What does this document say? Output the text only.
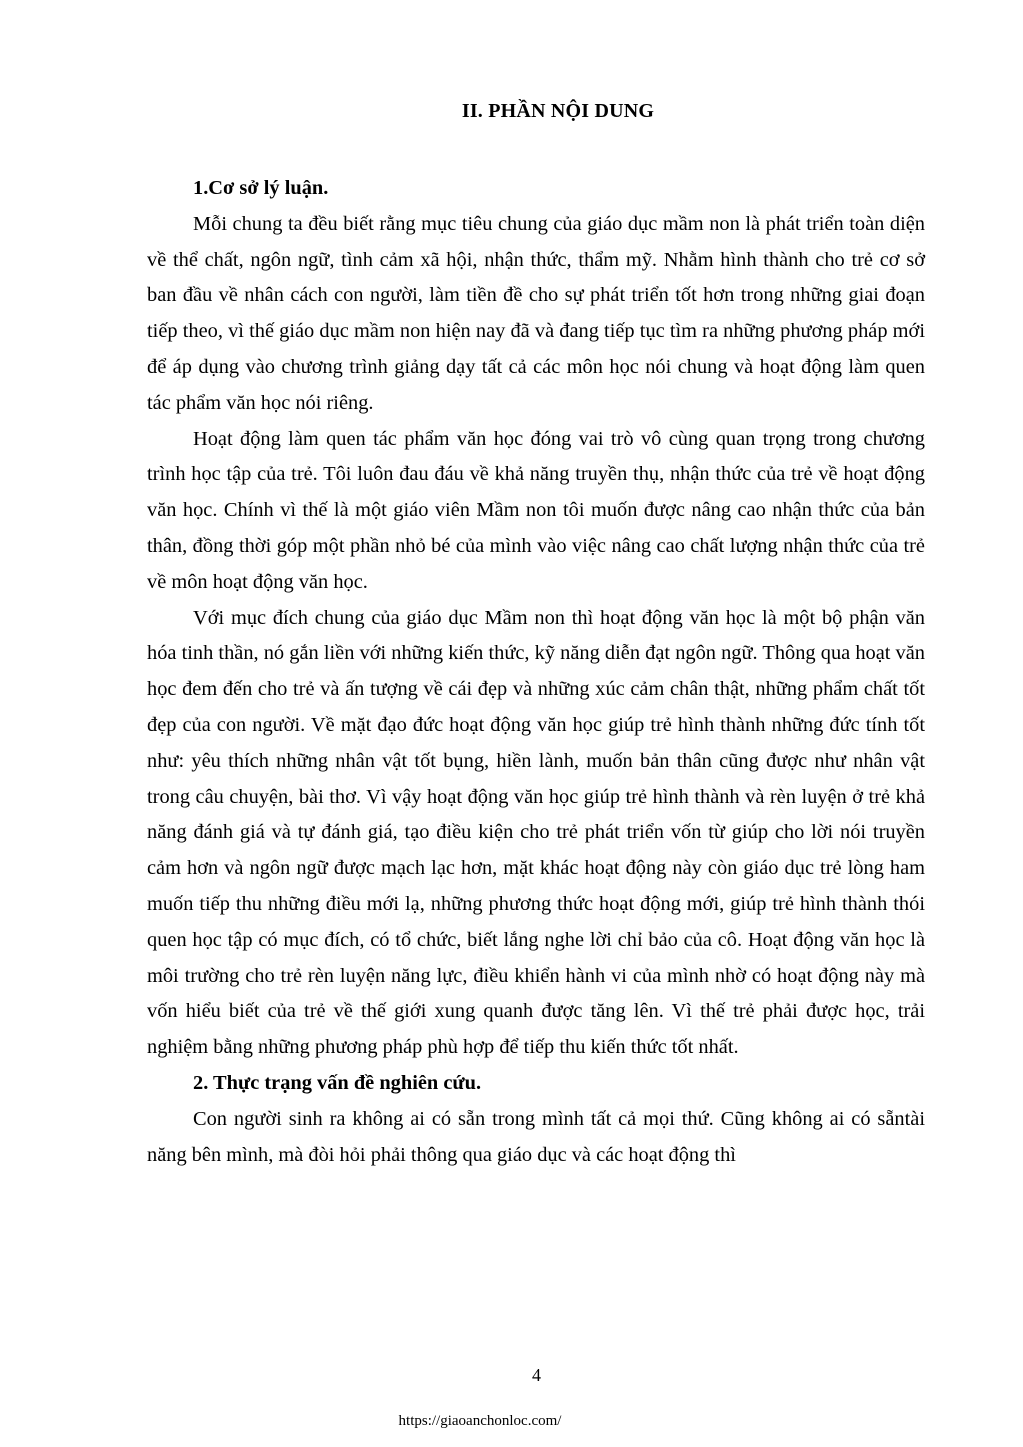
II. PHẦN NỘI DUNG

1.Cơ sở lý luận.

Mỗi chung ta đều biết rằng mục tiêu chung của giáo dục mầm non là phát triển toàn diện về thể chất, ngôn ngữ, tình cảm xã hội, nhận thức, thẩm mỹ. Nhằm hình thành cho trẻ cơ sở ban đầu về nhân cách con người, làm tiền đề cho sự phát triển tốt hơn trong những giai đoạn tiếp theo, vì thế giáo dục mầm non hiện nay đã và đang tiếp tục tìm ra những phương pháp mới để áp dụng vào chương trình giảng dạy tất cả các môn học nói chung và hoạt động làm quen tác phẩm văn học nói riêng.

Hoạt động làm quen tác phẩm văn học đóng vai trò vô cùng quan trọng trong chương trình học tập của trẻ. Tôi luôn đau đáu về khả năng truyền thụ, nhận thức của trẻ về hoạt động văn học. Chính vì thế là một giáo viên Mầm non tôi muốn được nâng cao nhận thức của bản thân, đồng thời góp một phần nhỏ bé của mình vào việc nâng cao chất lượng nhận thức của trẻ về môn hoạt động văn học.

Với mục đích chung của giáo dục Mầm non thì hoạt động văn học là một bộ phận văn hóa tinh thần, nó gắn liền với những kiến thức, kỹ năng diễn đạt ngôn ngữ. Thông qua hoạt văn học đem đến cho trẻ và ấn tượng về cái đẹp và những xúc cảm chân thật, những phẩm chất tốt đẹp của con người. Về mặt đạo đức hoạt động văn học giúp trẻ hình thành những đức tính tốt như: yêu thích những nhân vật tốt bụng, hiền lành, muốn bản thân cũng được như nhân vật trong câu chuyện, bài thơ. Vì vậy hoạt động văn học giúp trẻ hình thành và rèn luyện ở trẻ khả năng đánh giá và tự đánh giá, tạo điều kiện cho trẻ phát triển vốn từ giúp cho lời nói truyền cảm hơn và ngôn ngữ được mạch lạc hơn, mặt khác hoạt động này còn giáo dục trẻ lòng ham muốn tiếp thu những điều mới lạ, những phương thức hoạt động mới, giúp trẻ hình thành thói quen học tập có mục đích, có tổ chức, biết lắng nghe lời chỉ bảo của cô. Hoạt động văn học là môi trường cho trẻ rèn luyện năng lực, điều khiển hành vi của mình nhờ có hoạt động này mà vốn hiểu biết của trẻ về thế giới xung quanh được tăng lên. Vì thế trẻ phải được học, trải nghiệm bằng những phương pháp phù hợp để tiếp thu kiến thức tốt nhất.

2. Thực trạng vấn đề nghiên cứu.

Con người sinh ra không ai có sẵn trong mình tất cả mọi thứ. Cũng không ai có sẵntài năng bên mình, mà đòi hỏi phải thông qua giáo dục và các hoạt động thì

4
https://giaoanchonloc.com/
